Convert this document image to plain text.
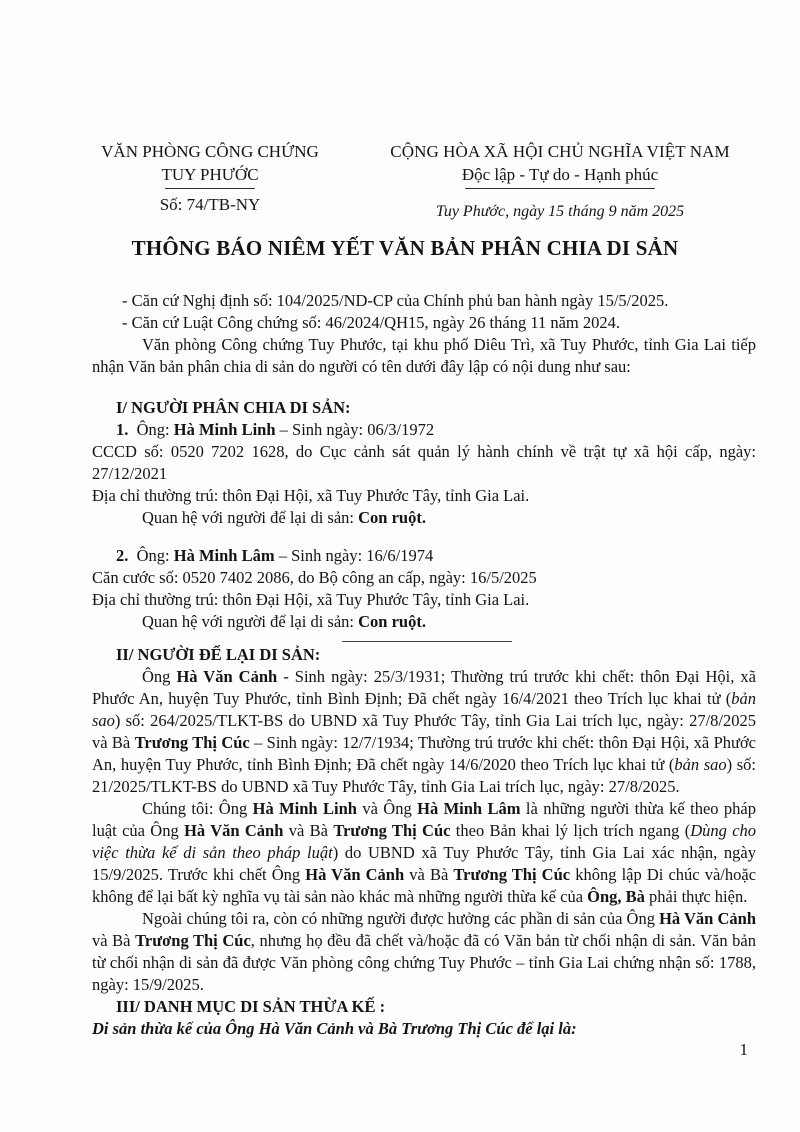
VĂN PHÒNG CÔNG CHỨNG
TUY PHƯỚC
Số: 74/TB-NY
CỘNG HÒA XÃ HỘI CHỦ NGHĨA VIỆT NAM
Độc lập - Tự do - Hạnh phúc
Tuy Phước, ngày 15 tháng 9 năm 2025
THÔNG BÁO NIÊM YẾT VĂN BẢN PHÂN CHIA DI SẢN

- Căn cứ Nghị định số: 104/2025/ND-CP của Chính phủ ban hành ngày 15/5/2025.

- Căn cứ Luật Công chứng số: 46/2024/QH15, ngày 26 tháng 11 năm 2024.

Văn phòng Công chứng Tuy Phước, tại khu phố Diêu Trì, xã Tuy Phước, tỉnh Gia Lai tiếp nhận Văn bản phân chia di sản do người có tên dưới đây lập có nội dung như sau:

I/ NGƯỜI PHÂN CHIA DI SẢN:

1. Ông: Hà Minh Linh – Sinh ngày: 06/3/1972

CCCD số: 0520 7202 1628, do Cục cảnh sát quản lý hành chính về trật tự xã hội cấp, ngày: 27/12/2021

Địa chỉ thường trú: thôn Đại Hội, xã Tuy Phước Tây, tỉnh Gia Lai.

Quan hệ với người để lại di sản: Con ruột.

2. Ông: Hà Minh Lâm – Sinh ngày: 16/6/1974

Căn cước số: 0520 7402 2086, do Bộ công an cấp, ngày: 16/5/2025

Địa chỉ thường trú: thôn Đại Hội, xã Tuy Phước Tây, tỉnh Gia Lai.

Quan hệ với người để lại di sản: Con ruột.

II/ NGƯỜI ĐỂ LẠI DI SẢN:

Ông Hà Văn Cảnh - Sinh ngày: 25/3/1931; Thường trú trước khi chết: thôn Đại Hội, xã Phước An, huyện Tuy Phước, tỉnh Bình Định; Đã chết ngày 16/4/2021 theo Trích lục khai tử (bản sao) số: 264/2025/TLKT-BS do UBND xã Tuy Phước Tây, tỉnh Gia Lai trích lục, ngày: 27/8/2025 và Bà Trương Thị Cúc – Sinh ngày: 12/7/1934; Thường trú trước khi chết: thôn Đại Hội, xã Phước An, huyện Tuy Phước, tỉnh Bình Định; Đã chết ngày 14/6/2020 theo Trích lục khai tử (bản sao) số: 21/2025/TLKT-BS do UBND xã Tuy Phước Tây, tỉnh Gia Lai trích lục, ngày: 27/8/2025.

Chúng tôi: Ông Hà Minh Linh và Ông Hà Minh Lâm là những người thừa kế theo pháp luật của Ông Hà Văn Cảnh và Bà Trương Thị Cúc theo Bản khai lý lịch trích ngang (Dùng cho việc thừa kế di sản theo pháp luật) do UBND xã Tuy Phước Tây, tỉnh Gia Lai xác nhận, ngày 15/9/2025. Trước khi chết Ông Hà Văn Cảnh và Bà Trương Thị Cúc không lập Di chúc và/hoặc không để lại bất kỳ nghĩa vụ tài sản nào khác mà những người thừa kế của Ông, Bà phải thực hiện.

Ngoài chúng tôi ra, còn có những người được hưởng các phần di sản của Ông Hà Văn Cảnh và Bà Trương Thị Cúc, nhưng họ đều đã chết và/hoặc đã có Văn bản từ chối nhận di sản. Văn bản từ chối nhận di sản đã được Văn phòng công chứng Tuy Phước – tỉnh Gia Lai chứng nhận số: 1788, ngày: 15/9/2025.

III/ DANH MỤC DI SẢN THỪA KẾ :

Di sản thừa kế của Ông Hà Văn Cảnh và Bà Trương Thị Cúc để lại là:

1
